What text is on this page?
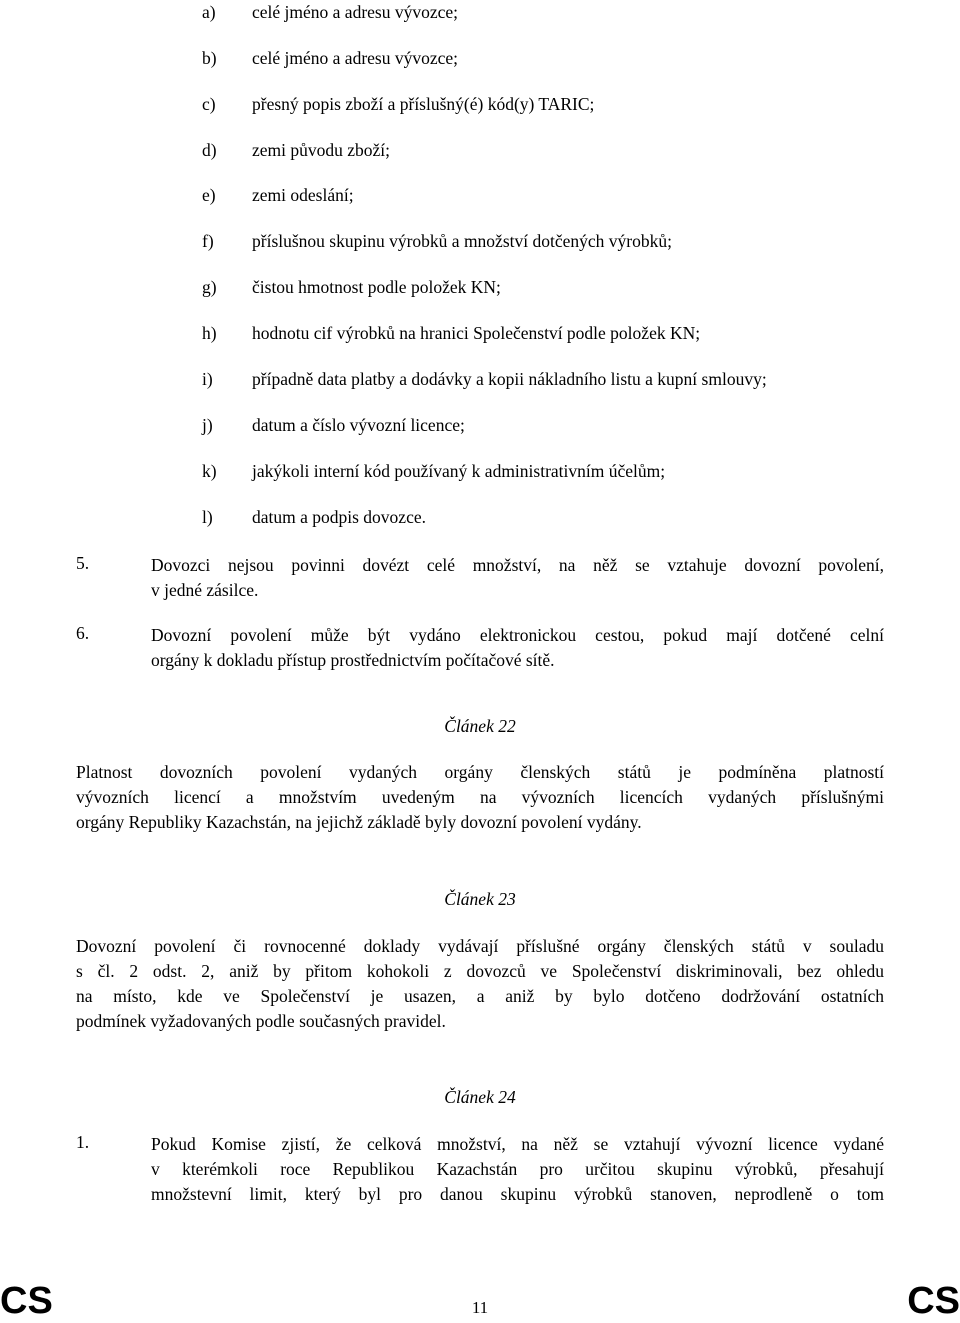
a) celé jméno a adresu vývozce;
b) celé jméno a adresu vývozce;
c) přesný popis zboží a příslušný(é) kód(y) TARIC;
d) zemi původu zboží;
e) zemi odeslání;
f) příslušnou skupinu výrobků a množství dotčených výrobků;
g) čistou hmotnost podle položek KN;
h) hodnotu cif výrobků na hranici Společenství podle položek KN;
i) případně data platby a dodávky a kopii nákladního listu a kupní smlouvy;
j) datum a číslo vývozní licence;
k) jakýkoli interní kód používaný k administrativním účelům;
l) datum a podpis dovozce.
5.	Dovozci nejsou povinni dovézt celé množství, na něž se vztahuje dovozní povolení,
v jedné zásilce.
6.	Dovozní povolení může být vydáno elektronickou cestou, pokud mají dotčené celní
orgány k dokladu přístup prostřednictvím počítačové sítě.
Článek 22
Platnost dovozních povolení vydaných orgány členských států je podmíněna platností
vývozních licencí a množstvím uvedeným na vývozních licencích vydaných příslušnými
orgány Republiky Kazachstán, na jejichž základě byly dovozní povolení vydány.
Článek 23
Dovozní povolení či rovnocenné doklady vydávají příslušné orgány členských států v souladu
s čl. 2 odst. 2, aniž by přitom kohokoli z dovozců ve Společenství diskriminovali, bez ohledu
na místo, kde ve Společenství je usazen, a aniž by bylo dotčeno dodržování ostatních
podmínek vyžadovaných podle současných pravidel.
Článek 24
1.	Pokud Komise zjistí, že celková množství, na něž se vztahují vývozní licence vydané
v kterémkoli roce Republikou Kazachstán pro určitou skupinu výrobků, přesahují
množstevní limit, který byl pro danou skupinu výrobků stanoven, neprodleně o tom
CS	11	CS
